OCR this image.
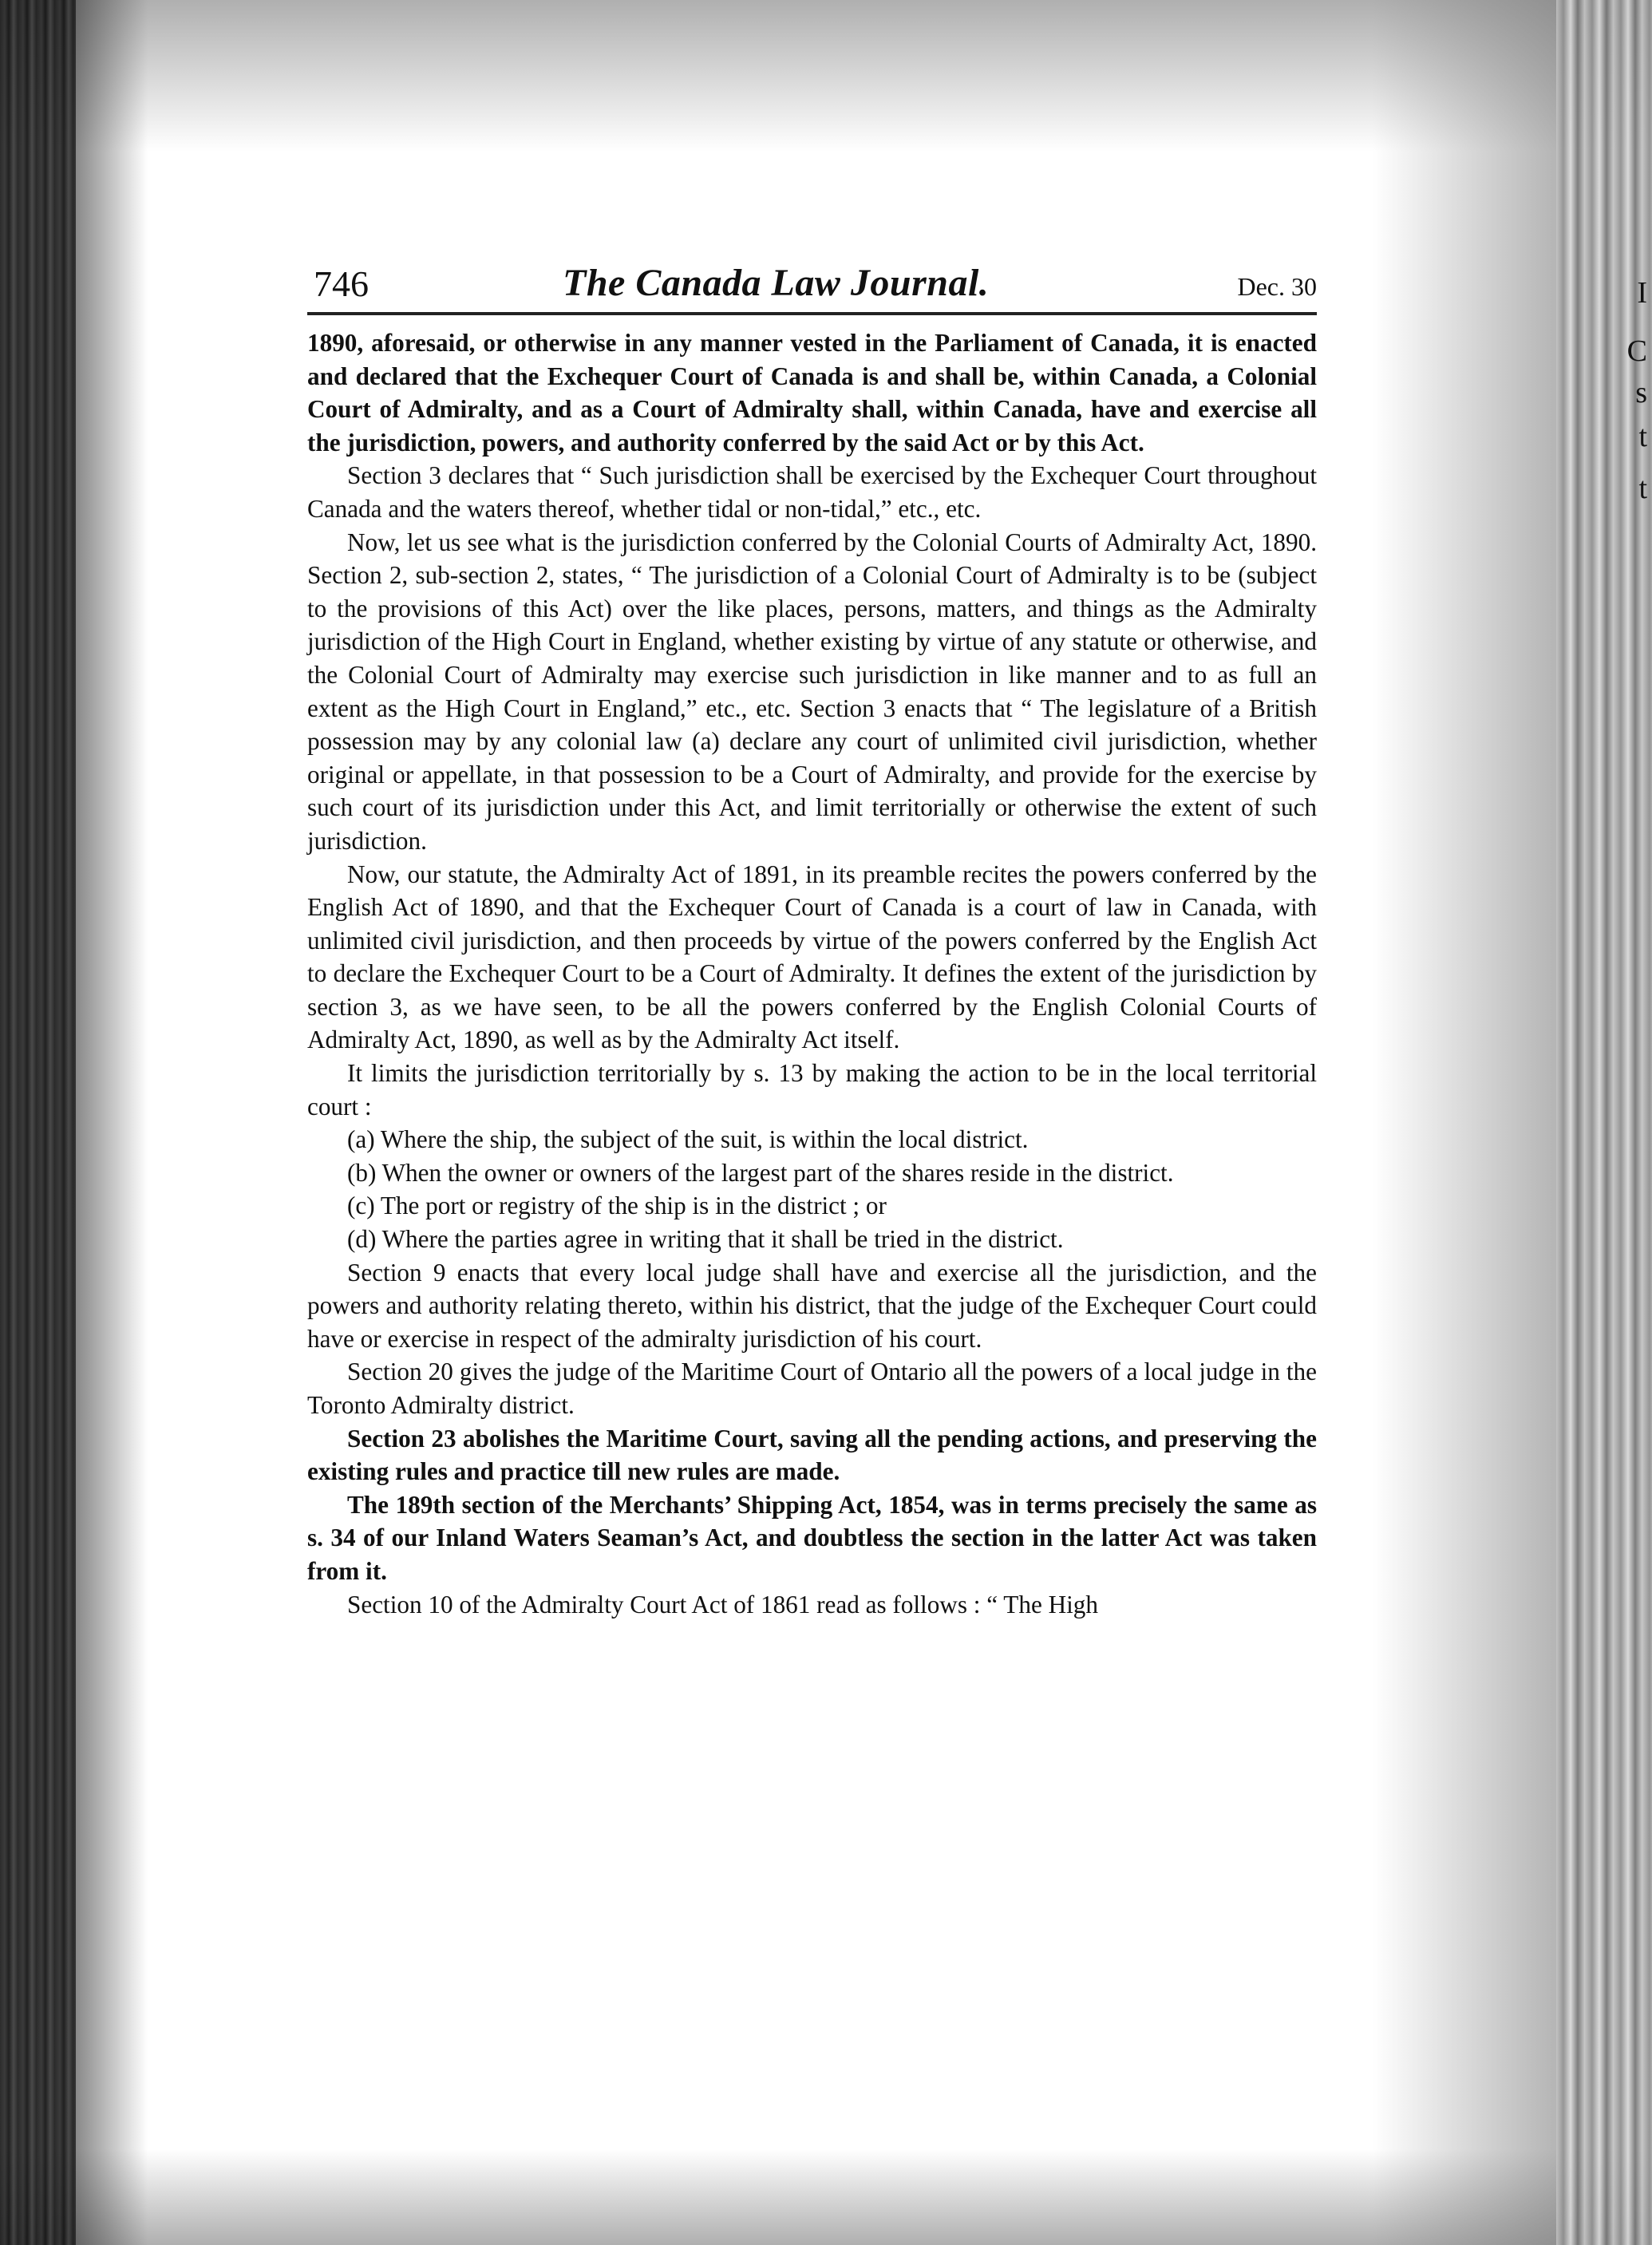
I
C
s
t
t
746	The Canada Law Journal.	Dec. 30

1890, aforesaid, or otherwise in any manner vested in the Parliament of Canada, it is enacted and declared that the Exchequer Court of Canada is and shall be, within Canada, a Colonial Court of Admiralty, and as a Court of Admiralty shall, within Canada, have and exercise all the jurisdiction, powers, and authority conferred by the said Act or by this Act.

Section 3 declares that “ Such jurisdiction shall be exercised by the Exchequer Court throughout Canada and the waters thereof, whether tidal or non-tidal,” etc., etc.

Now, let us see what is the jurisdiction conferred by the Colonial Courts of Admiralty Act, 1890. Section 2, sub-section 2, states, “ The jurisdiction of a Colonial Court of Admiralty is to be (subject to the provisions of this Act) over the like places, persons, matters, and things as the Admiralty jurisdiction of the High Court in England, whether existing by virtue of any statute or otherwise, and the Colonial Court of Admiralty may exercise such jurisdiction in like manner and to as full an extent as the High Court in England,” etc., etc. Section 3 enacts that “ The legislature of a British possession may by any colonial law (a) declare any court of unlimited civil jurisdiction, whether original or appellate, in that possession to be a Court of Admiralty, and provide for the exercise by such court of its jurisdiction under this Act, and limit territorially or otherwise the extent of such jurisdiction.

Now, our statute, the Admiralty Act of 1891, in its preamble recites the powers conferred by the English Act of 1890, and that the Exchequer Court of Canada is a court of law in Canada, with unlimited civil jurisdiction, and then proceeds by virtue of the powers conferred by the English Act to declare the Exchequer Court to be a Court of Admiralty. It defines the extent of the jurisdiction by section 3, as we have seen, to be all the powers conferred by the English Colonial Courts of Admiralty Act, 1890, as well as by the Admiralty Act itself.

It limits the jurisdiction territorially by s. 13 by making the action to be in the local territorial court :

(a) Where the ship, the subject of the suit, is within the local district.

(b) When the owner or owners of the largest part of the shares reside in the district.

(c) The port or registry of the ship is in the district ; or

(d) Where the parties agree in writing that it shall be tried in the district.

Section 9 enacts that every local judge shall have and exercise all the jurisdiction, and the powers and authority relating thereto, within his district, that the judge of the Exchequer Court could have or exercise in respect of the admiralty jurisdiction of his court.

Section 20 gives the judge of the Maritime Court of Ontario all the powers of a local judge in the Toronto Admiralty district.

Section 23 abolishes the Maritime Court, saving all the pending actions, and preserving the existing rules and practice till new rules are made.

The 189th section of the Merchants’ Shipping Act, 1854, was in terms precisely the same as s. 34 of our Inland Waters Seaman’s Act, and doubtless the section in the latter Act was taken from it.

Section 10 of the Admiralty Court Act of 1861 read as follows : “ The High
